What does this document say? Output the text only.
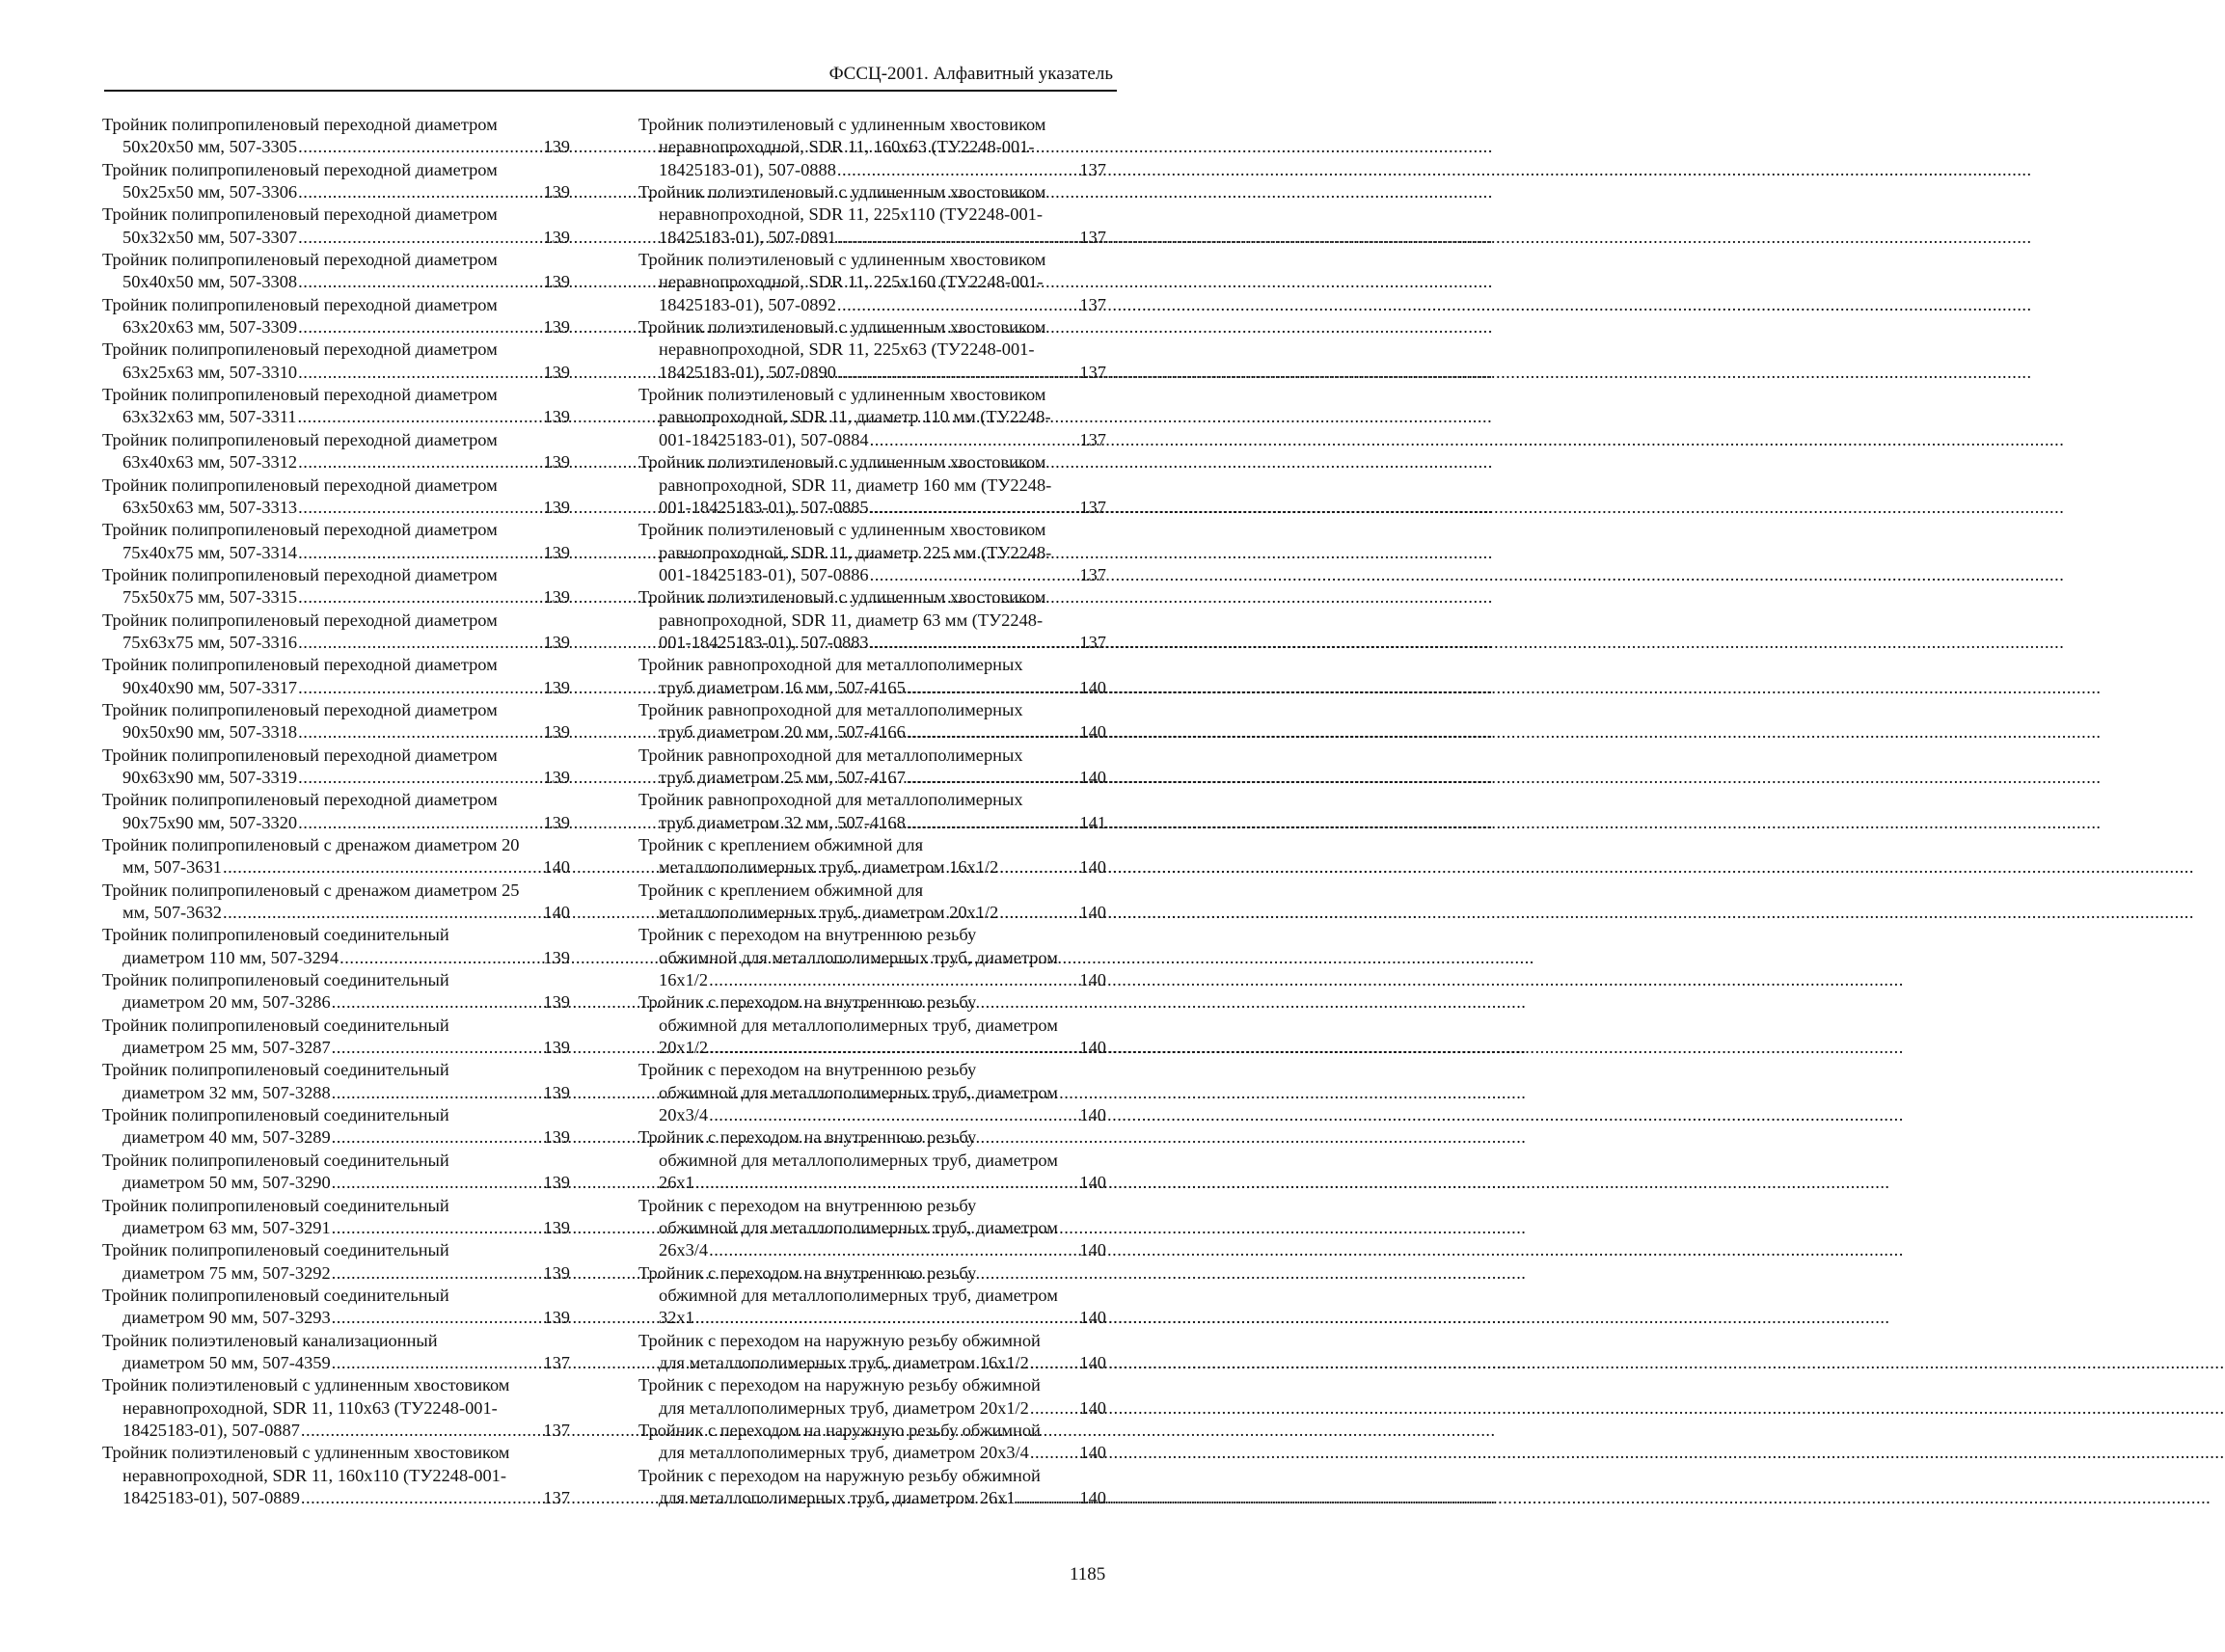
ФССЦ-2001. Алфавитный указатель
Тройник полипропиленовый переходной диаметром
50x20x50 мм, 507-3305 .....	139
Тройник полипропиленовый переходной диаметром
50x25x50 мм, 507-3306 .....	139
Тройник полипропиленовый переходной диаметром
50x32x50 мм, 507-3307 .....	139
Тройник полипропиленовый переходной диаметром
50x40x50 мм, 507-3308 .....	139
Тройник полипропиленовый переходной диаметром
63x20x63 мм, 507-3309 .....	139
Тройник полипропиленовый переходной диаметром
63x25x63 мм, 507-3310 .....	139
Тройник полипропиленовый переходной диаметром
63x32x63 мм, 507-3311 .....	139
Тройник полипропиленовый переходной диаметром
63x40x63 мм, 507-3312 .....	139
Тройник полипропиленовый переходной диаметром
63x50x63 мм, 507-3313 .....	139
Тройник полипропиленовый переходной диаметром
75x40x75 мм, 507-3314 .....	139
Тройник полипропиленовый переходной диаметром
75x50x75 мм, 507-3315 .....	139
Тройник полипропиленовый переходной диаметром
75x63x75 мм, 507-3316 .....	139
Тройник полипропиленовый переходной диаметром
90x40x90 мм, 507-3317 .....	139
Тройник полипропиленовый переходной диаметром
90x50x90 мм, 507-3318 .....	139
Тройник полипропиленовый переходной диаметром
90x63x90 мм, 507-3319 .....	139
Тройник полипропиленовый переходной диаметром
90x75x90 мм, 507-3320 .....	139
Тройник полипропиленовый с дренажом диаметром 20
мм, 507-3631 .....	140
Тройник полипропиленовый с дренажом диаметром 25
мм, 507-3632 .....	140
Тройник полипропиленовый соединительный
диаметром 110 мм, 507-3294 .....	139
Тройник полипропиленовый соединительный
диаметром 20 мм, 507-3286 .....	139
Тройник полипропиленовый соединительный
диаметром 25 мм, 507-3287 .....	139
Тройник полипропиленовый соединительный
диаметром 32 мм, 507-3288 .....	139
Тройник полипропиленовый соединительный
диаметром 40 мм, 507-3289 .....	139
Тройник полипропиленовый соединительный
диаметром 50 мм, 507-3290 .....	139
Тройник полипропиленовый соединительный
диаметром 63 мм, 507-3291 .....	139
Тройник полипропиленовый соединительный
диаметром 75 мм, 507-3292 .....	139
Тройник полипропиленовый соединительный
диаметром 90 мм, 507-3293 .....	139
Тройник полиэтиленовый канализационный
диаметром 50 мм, 507-4359 .....	137
Тройник полиэтиленовый с удлиненным хвостовиком
неравнопроходной, SDR 11, 110x63 (ТУ2248-001-
18425183-01), 507-0887 .....	137
Тройник полиэтиленовый с удлиненным хвостовиком
неравнопроходной, SDR 11, 160x110 (ТУ2248-001-
18425183-01), 507-0889 .....	137
Тройник полиэтиленовый с удлиненным хвостовиком
неравнопроходной, SDR 11, 160x63 (ТУ2248-001-
18425183-01), 507-0888 .....	137
Тройник полиэтиленовый с удлиненным хвостовиком
неравнопроходной, SDR 11, 225x110 (ТУ2248-001-
18425183-01), 507-0891 .....	137
Тройник полиэтиленовый с удлиненным хвостовиком
неравнопроходной, SDR 11, 225x160 (ТУ2248-001-
18425183-01), 507-0892 .....	137
Тройник полиэтиленовый с удлиненным хвостовиком
неравнопроходной, SDR 11, 225x63 (ТУ2248-001-
18425183-01), 507-0890 .....	137
Тройник полиэтиленовый с удлиненным хвостовиком
равнопроходной, SDR 11, диаметр 110 мм (ТУ2248-
001-18425183-01), 507-0884 .....	137
Тройник полиэтиленовый с удлиненным хвостовиком
равнопроходной, SDR 11, диаметр 160 мм (ТУ2248-
001-18425183-01), 507-0885 .....	137
Тройник полиэтиленовый с удлиненным хвостовиком
равнопроходной, SDR 11, диаметр 225 мм (ТУ2248-
001-18425183-01), 507-0886 .....	137
Тройник полиэтиленовый с удлиненным хвостовиком
равнопроходной, SDR 11, диаметр 63 мм (ТУ2248-
001-18425183-01), 507-0883 .....	137
Тройник равнопроходной для металлополимерных
труб диаметром 16 мм, 507-4165 .....	140
Тройник равнопроходной для металлополимерных
труб диаметром 20 мм, 507-4166 .....	140
Тройник равнопроходной для металлополимерных
труб диаметром 25 мм, 507-4167 .....	140
Тройник равнопроходной для металлополимерных
труб диаметром 32 мм, 507-4168 .....	141
Тройник с креплением обжимной для
металлополимерных труб, диаметром 16x1/2 .....	140
Тройник с креплением обжимной для
металлополимерных труб, диаметром 20x1/2 .....	140
Тройник с переходом на внутреннюю резьбу
обжимной для металлополимерных труб, диаметром
16x1/2 .....	140
Тройник с переходом на внутреннюю резьбу
обжимной для металлополимерных труб, диаметром
20x1/2 .....	140
Тройник с переходом на внутреннюю резьбу
обжимной для металлополимерных труб, диаметром
20x3/4 .....	140
Тройник с переходом на внутреннюю резьбу
обжимной для металлополимерных труб, диаметром
26x1 .....	140
Тройник с переходом на внутреннюю резьбу
обжимной для металлополимерных труб, диаметром
26x3/4 .....	140
Тройник с переходом на внутреннюю резьбу
обжимной для металлополимерных труб, диаметром
32x1 .....	140
Тройник с переходом на наружную резьбу обжимной
для металлополимерных труб, диаметром 16x1/2 .....	140
Тройник с переходом на наружную резьбу обжимной
для металлополимерных труб, диаметром 20x1/2 .....	140
Тройник с переходом на наружную резьбу обжимной
для металлополимерных труб, диаметром 20x3/4 .....	140
Тройник с переходом на наружную резьбу обжимной
для металлополимерных труб, диаметром 26x1 .....	140
1185
